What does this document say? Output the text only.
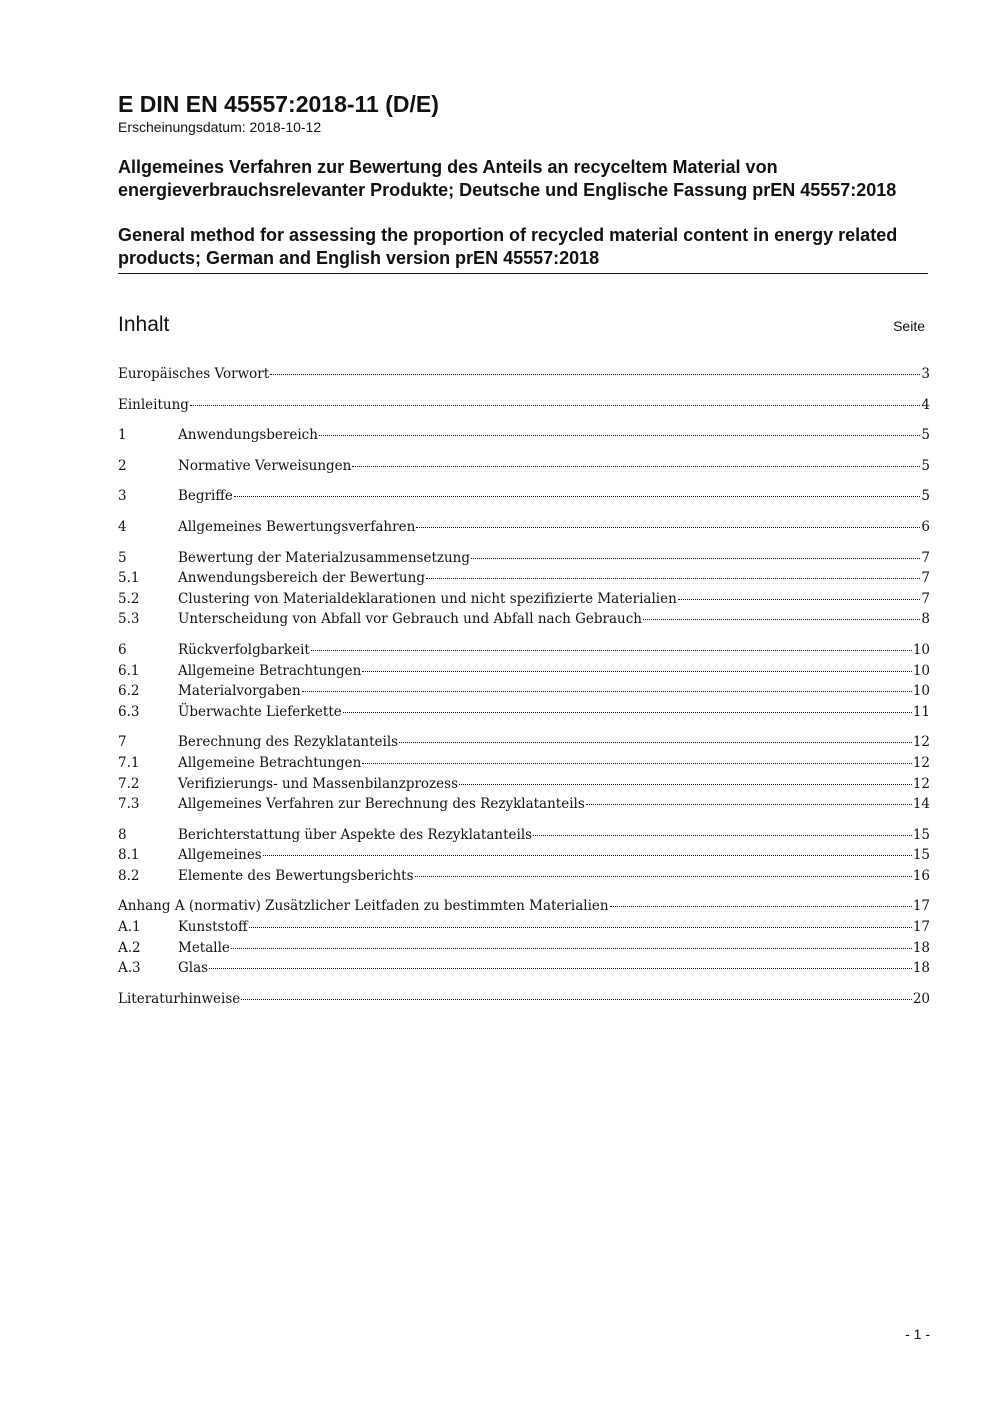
E DIN EN 45557:2018-11 (D/E)

Erscheinungsdatum: 2018-10-12

Allgemeines Verfahren zur Bewertung des Anteils an recyceltem Material von energieverbrauchsrelevanter Produkte; Deutsche und Englische Fassung prEN 45557:2018

General method for assessing the proportion of recycled material content in energy related products; German and English version prEN 45557:2018

Inhalt	Seite
Europäisches Vorwort	3
Einleitung	4
1	Anwendungsbereich	5
2	Normative Verweisungen	5
3	Begriffe	5
4	Allgemeines Bewertungsverfahren	6
5	Bewertung der Materialzusammensetzung	7
5.1	Anwendungsbereich der Bewertung	7
5.2	Clustering von Materialdeklarationen und nicht spezifizierte Materialien	7
5.3	Unterscheidung von Abfall vor Gebrauch und Abfall nach Gebrauch	8
6	Rückverfolgbarkeit	10
6.1	Allgemeine Betrachtungen	10
6.2	Materialvorgaben	10
6.3	Überwachte Lieferkette	11
7	Berechnung des Rezyklatanteils	12
7.1	Allgemeine Betrachtungen	12
7.2	Verifizierungs- und Massenbilanzprozess	12
7.3	Allgemeines Verfahren zur Berechnung des Rezyklatanteils	14
8	Berichterstattung über Aspekte des Rezyklatanteils	15
8.1	Allgemeines	15
8.2	Elemente des Bewertungsberichts	16
Anhang A (normativ) Zusätzlicher Leitfaden zu bestimmten Materialien	17
A.1	Kunststoff	17
A.2	Metalle	18
A.3	Glas	18
Literaturhinweise	20
- 1 -
